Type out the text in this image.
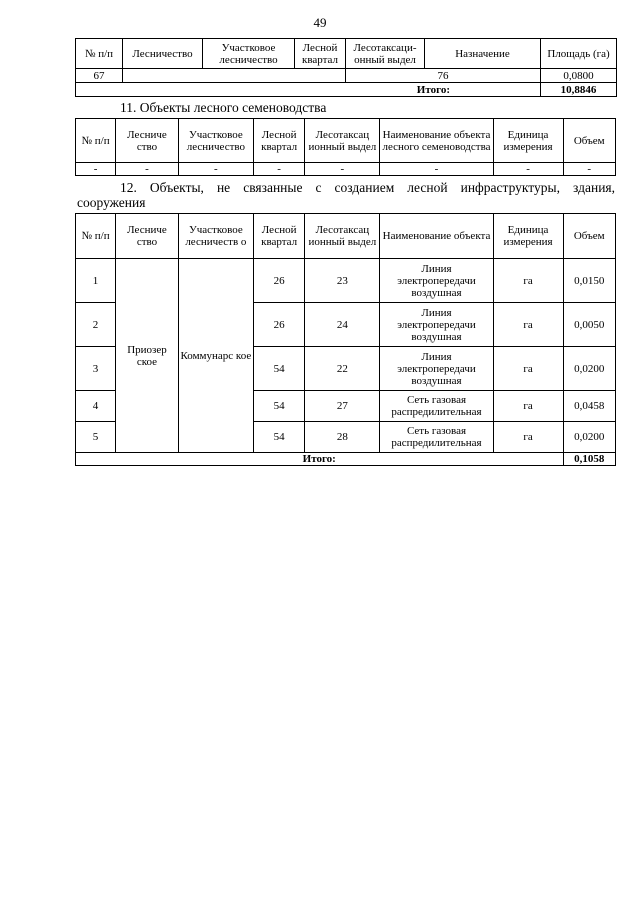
49
№ п/п	Лесничество	Участковое лесничество	Лесной квартал	Лесотаксаци-онный выдел	Назначение	Площадь (га)
67				76		0,0800
Итого:						10,8846
11. Объекты лесного семеноводства
№ п/п	Лесниче ство	Участковое лесничество	Лесной квартал	Лесотаксац ионный выдел	Наименование объекта лесного семеноводства	Единица измерения	Объем
-	-	-	-	-	-	-	-
12. Объекты, не связанные с созданием лесной инфраструктуры, здания,
сооружения
№ п/п	Лесниче ство	Участковое лесничеств о	Лесной квартал	Лесотаксац ионный выдел	Наименование объекта	Единица измерения	Объем
1	Приозер ское	Коммунарс кое	26	23	Линия электропередачи воздушная	га	0,0150
2			26	24	Линия электропередачи воздушная	га	0,0050
3			54	22	Линия электропередачи воздушная	га	0,0200
4			54	27	Сеть газовая распредилительная	га	0,0458
5			54	28	Сеть газовая распредилительная	га	0,0200
Итого:							0,1058
